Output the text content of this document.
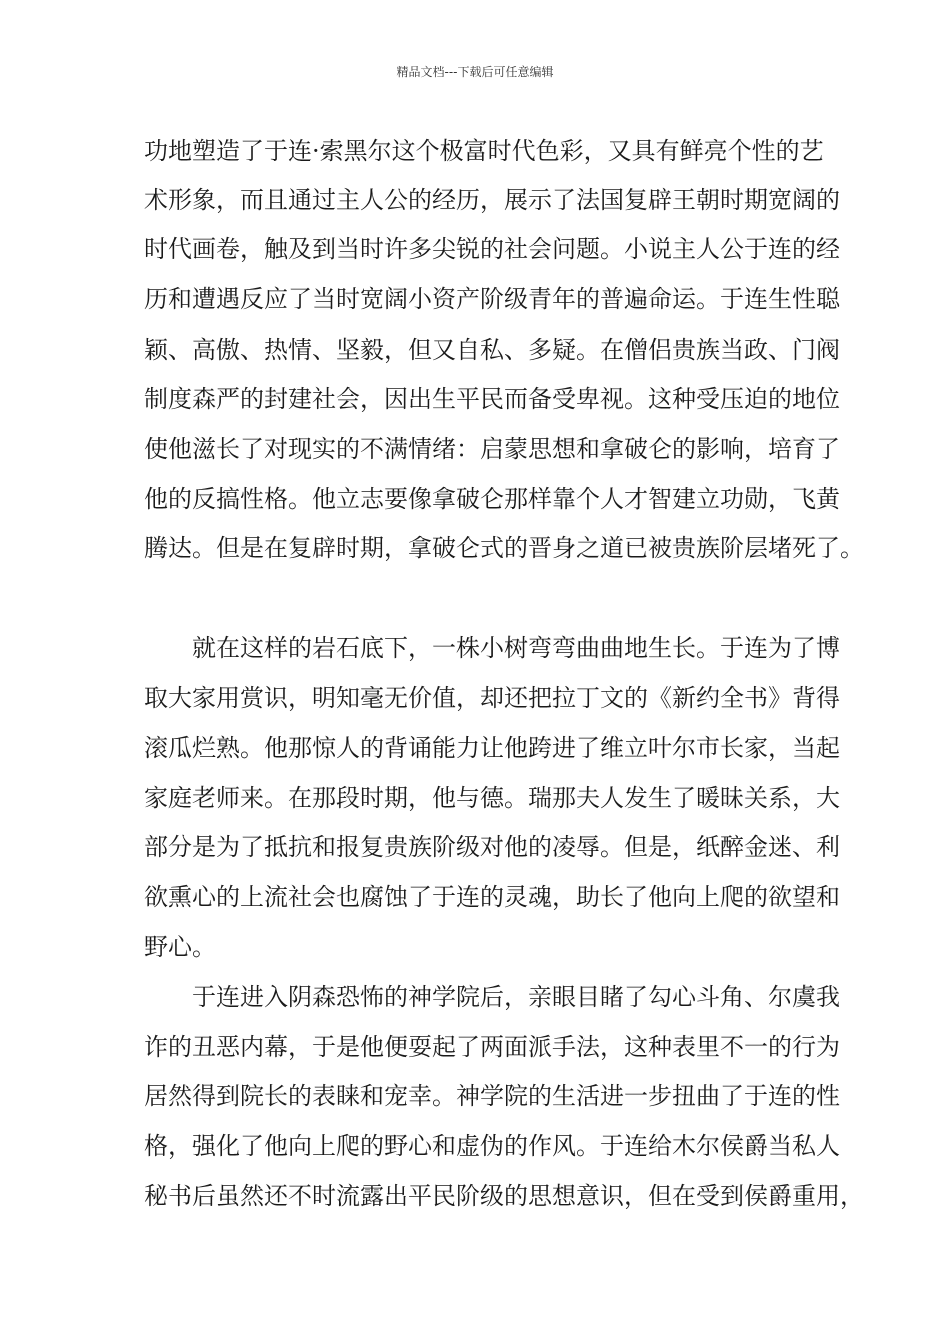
精品文档---下载后可任意编辑
功地塑造了于连·索黑尔这个极富时代色彩，又具有鲜亮个性的艺
术形象，而且通过主人公的经历，展示了法国复辟王朝时期宽阔的
时代画卷，触及到当时许多尖锐的社会问题。小说主人公于连的经
历和遭遇反应了当时宽阔小资产阶级青年的普遍命运。于连生性聪
颖、高傲、热情、坚毅，但又自私、多疑。在僧侣贵族当政、门阀
制度森严的封建社会，因出生平民而备受卑视。这种受压迫的地位
使他滋长了对现实的不满情绪：启蒙思想和拿破仑的影响，培育了
他的反搞性格。他立志要像拿破仑那样靠个人才智建立功勋，飞黄
腾达。但是在复辟时期，拿破仑式的晋身之道已被贵族阶层堵死了。
就在这样的岩石底下，一株小树弯弯曲曲地生长。于连为了博
取大家用赏识，明知毫无价值，却还把拉丁文的《新约全书》背得
滚瓜烂熟。他那惊人的背诵能力让他跨进了维立叶尔市长家，当起
家庭老师来。在那段时期，他与德。瑞那夫人发生了暖昧关系，大
部分是为了抵抗和报复贵族阶级对他的凌辱。但是，纸醉金迷、利
欲熏心的上流社会也腐蚀了于连的灵魂，助长了他向上爬的欲望和
野心。
于连进入阴森恐怖的神学院后，亲眼目睹了勾心斗角、尔虞我
诈的丑恶内幕，于是他便耍起了两面派手法，这种表里不一的行为
居然得到院长的表睐和宠幸。神学院的生活进一步扭曲了于连的性
格，强化了他向上爬的野心和虚伪的作风。于连给木尔侯爵当私人
秘书后虽然还不时流露出平民阶级的思想意识，但在受到侯爵重用，
